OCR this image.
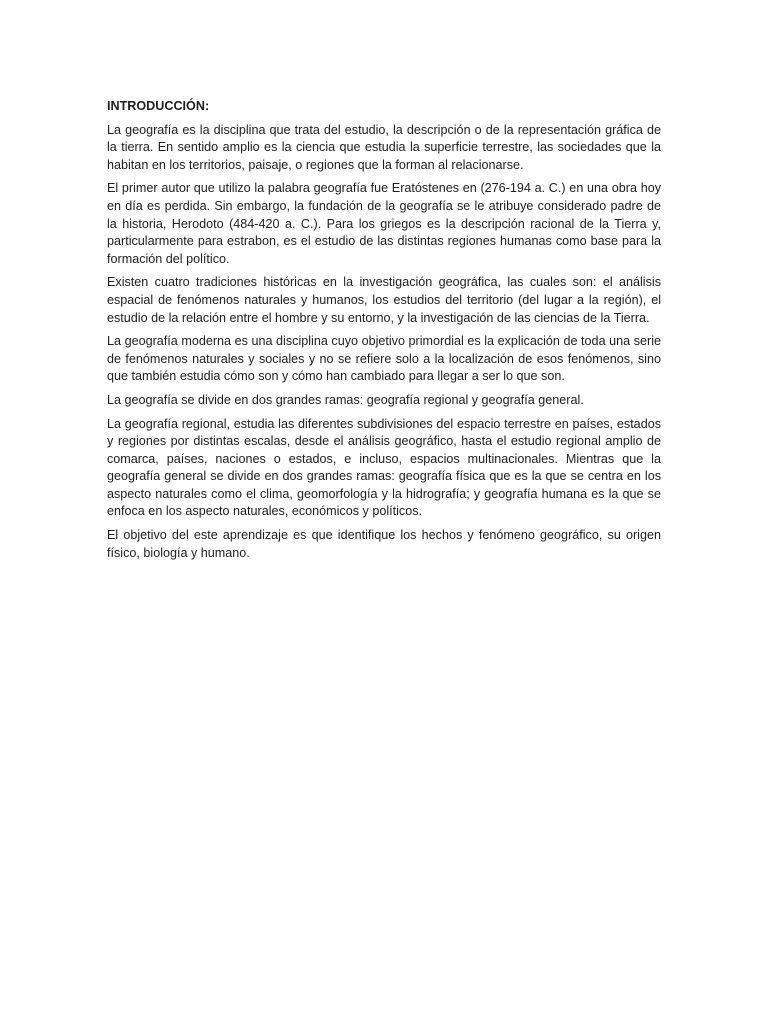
INTRODUCCIÓN:

La geografía es la disciplina que trata del estudio, la descripción o de la representación gráfica de la tierra. En sentido amplio es la ciencia que estudia la superficie terrestre, las sociedades que la habitan en los territorios, paisaje, o regiones que la forman al relacionarse.

El primer autor que utilizo la palabra geografía fue Eratóstenes en (276-194 a. C.) en una obra hoy en día es perdida. Sin embargo, la fundación de la geografía se le atribuye considerado padre de la historia, Herodoto (484-420 a. C.). Para los griegos es la descripción racional de la Tierra y, particularmente para estrabon, es el estudio de las distintas regiones humanas como base para la formación del político.

Existen cuatro tradiciones históricas en la investigación geográfica, las cuales son: el análisis espacial de fenómenos naturales y humanos, los estudios del territorio (del lugar a la región), el estudio de la relación entre el hombre y su entorno, y la investigación de las ciencias de la Tierra.

La geografía moderna es una disciplina cuyo objetivo primordial es la explicación de toda una serie de fenómenos naturales y sociales y no se refiere solo a la localización de esos fenómenos, sino que también estudia cómo son y cómo han cambiado para llegar a ser lo que son.

La geografía se divide en dos grandes ramas: geografía regional y geografía general.

La geografía regional, estudia las diferentes subdivisiones del espacio terrestre en países, estados y regiones por distintas escalas, desde el análisis geográfico, hasta el estudio regional amplio de comarca, países, naciones o estados, e incluso, espacios multinacionales. Mientras que la geografía general se divide en dos grandes ramas: geografía física que es la que se centra en los aspecto naturales como el clima, geomorfología y la hidrografía; y geografía humana es la que se enfoca en los aspecto naturales, económicos y políticos.

El objetivo del este aprendizaje es que identifique los hechos y fenómeno geográfico, su origen físico, biología y humano.
